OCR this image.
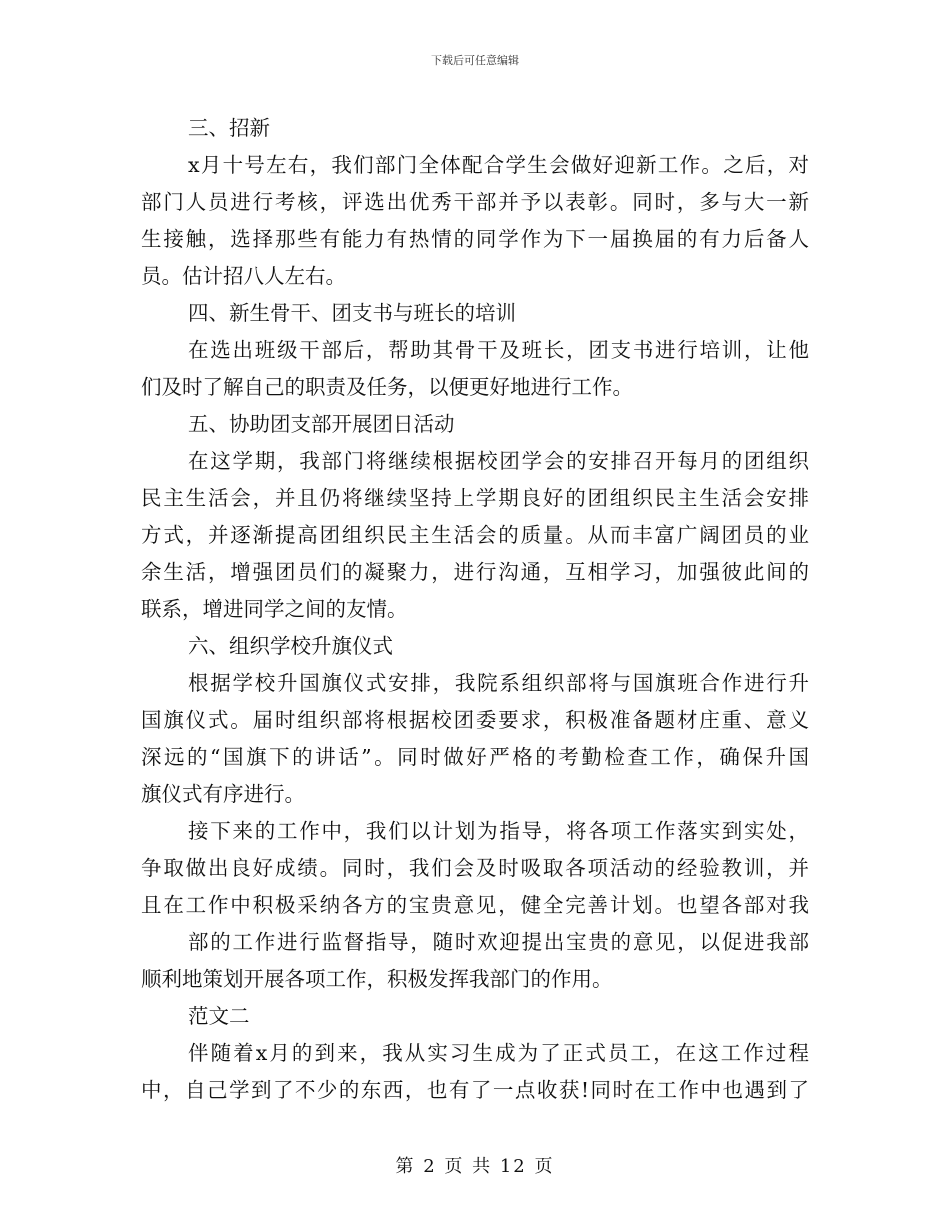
下载后可任意编辑
三、招新
x月十号左右，我们部门全体配合学生会做好迎新工作。之后，对
部门人员进行考核，评选出优秀干部并予以表彰。同时，多与大一新
生接触，选择那些有能力有热情的同学作为下一届换届的有力后备人
员。估计招八人左右。
四、新生骨干、团支书与班长的培训
在选出班级干部后，帮助其骨干及班长，团支书进行培训，让他
们及时了解自己的职责及任务，以便更好地进行工作。
五、协助团支部开展团日活动
在这学期，我部门将继续根据校团学会的安排召开每月的团组织
民主生活会，并且仍将继续坚持上学期良好的团组织民主生活会安排
方式，并逐渐提高团组织民主生活会的质量。从而丰富广阔团员的业
余生活，增强团员们的凝聚力，进行沟通，互相学习，加强彼此间的
联系，增进同学之间的友情。
六、组织学校升旗仪式
根据学校升国旗仪式安排，我院系组织部将与国旗班合作进行升
国旗仪式。届时组织部将根据校团委要求，积极准备题材庄重、意义
深远的“国旗下的讲话”。同时做好严格的考勤检查工作，确保升国
旗仪式有序进行。
接下来的工作中，我们以计划为指导，将各项工作落实到实处，
争取做出良好成绩。同时，我们会及时吸取各项活动的经验教训，并
且在工作中积极采纳各方的宝贵意见，健全完善计划。也望各部对我
部的工作进行监督指导，随时欢迎提出宝贵的意见，以促进我部
顺利地策划开展各项工作，积极发挥我部门的作用。
范文二
伴随着x月的到来，我从实习生成为了正式员工，在这工作过程
中，自己学到了不少的东西，也有了一点收获!同时在工作中也遇到了
第 2 页 共 12 页
